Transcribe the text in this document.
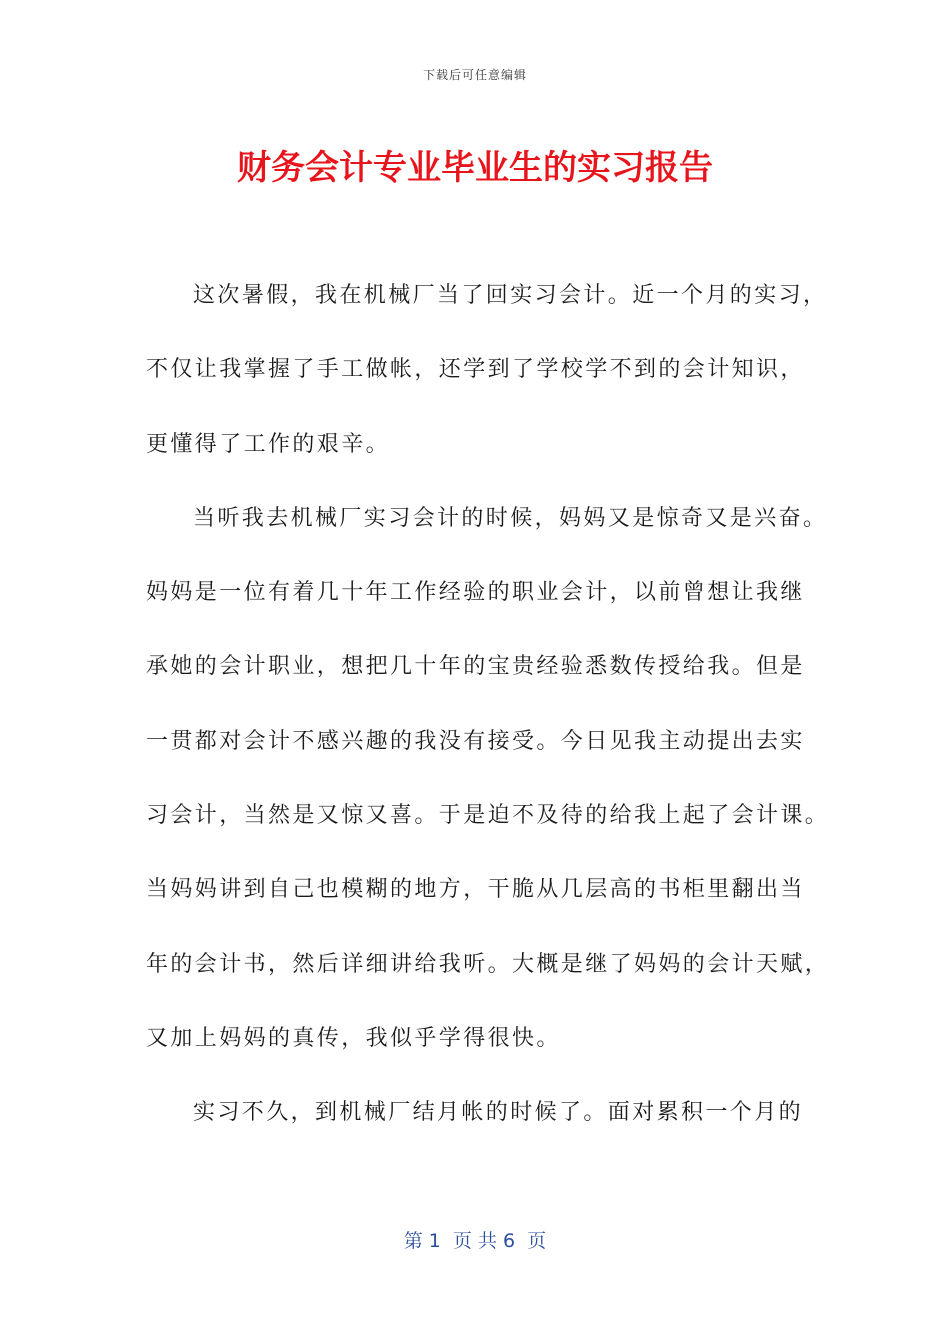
下载后可任意编辑
财务会计专业毕业生的实习报告
这次暑假，我在机械厂当了回实习会计。近一个月的实习，
不仅让我掌握了手工做帐，还学到了学校学不到的会计知识，
更懂得了工作的艰辛。
当听我去机械厂实习会计的时候，妈妈又是惊奇又是兴奋。
妈妈是一位有着几十年工作经验的职业会计，以前曾想让我继
承她的会计职业，想把几十年的宝贵经验悉数传授给我。但是
一贯都对会计不感兴趣的我没有接受。今日见我主动提出去实
习会计，当然是又惊又喜。于是迫不及待的给我上起了会计课。
当妈妈讲到自己也模糊的地方，干脆从几层高的书柜里翻出当
年的会计书，然后详细讲给我听。大概是继了妈妈的会计天赋，
又加上妈妈的真传，我似乎学得很快。
实习不久，到机械厂结月帐的时候了。面对累积一个月的
第 1  页 共 6  页
